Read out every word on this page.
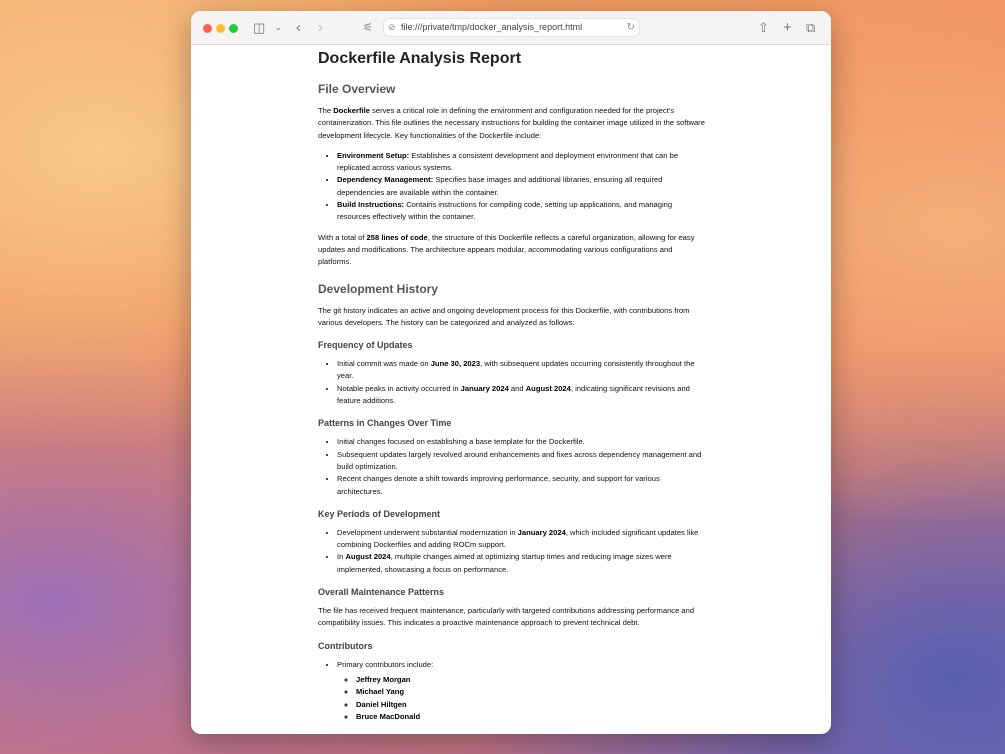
◫ ⌄ ‹ ›	⚟ ⊘ file:///private/tmp/docker_analysis_report.html	↻	⇧ + ⧉
Dockerfile Analysis Report
File Overview

The Dockerfile serves a critical role in defining the environment and configuration needed for the project's containerization. This file outlines the necessary instructions for building the container image utilized in the software development lifecycle. Key functionalities of the Dockerfile include:

• Environment Setup: Establishes a consistent development and deployment environment that can be replicated across various systems.
• Dependency Management: Specifies base images and additional libraries, ensuring all required dependencies are available within the container.
• Build Instructions: Contains instructions for compiling code, setting up applications, and managing resources effectively within the container.

With a total of 258 lines of code, the structure of this Dockerfile reflects a careful organization, allowing for easy updates and modifications. The architecture appears modular, accommodating various configurations and platforms.

Development History

The git history indicates an active and ongoing development process for this Dockerfile, with contributions from various developers. The history can be categorized and analyzed as follows:

Frequency of Updates
• Initial commit was made on June 30, 2023, with subsequent updates occurring consistently throughout the year.
• Notable peaks in activity occurred in January 2024 and August 2024, indicating significant revisions and feature additions.
Patterns in Changes Over Time
• Initial changes focused on establishing a base template for the Dockerfile.
• Subsequent updates largely revolved around enhancements and fixes across dependency management and build optimization.
• Recent changes denote a shift towards improving performance, security, and support for various architectures.
Key Periods of Development
• Development underwent substantial modernization in January 2024, which included significant updates like combining Dockerfiles and adding ROCm support.
• In August 2024, multiple changes aimed at optimizing startup times and reducing image sizes were implemented, showcasing a focus on performance.
Overall Maintenance Patterns

The file has received frequent maintenance, particularly with targeted contributions addressing performance and compatibility issues. This indicates a proactive maintenance approach to prevent technical debt.

Contributors
• Primary contributors include:
◦ Jeffrey Morgan
◦ Michael Yang
◦ Daniel Hiltgen
◦ Bruce MacDonald
